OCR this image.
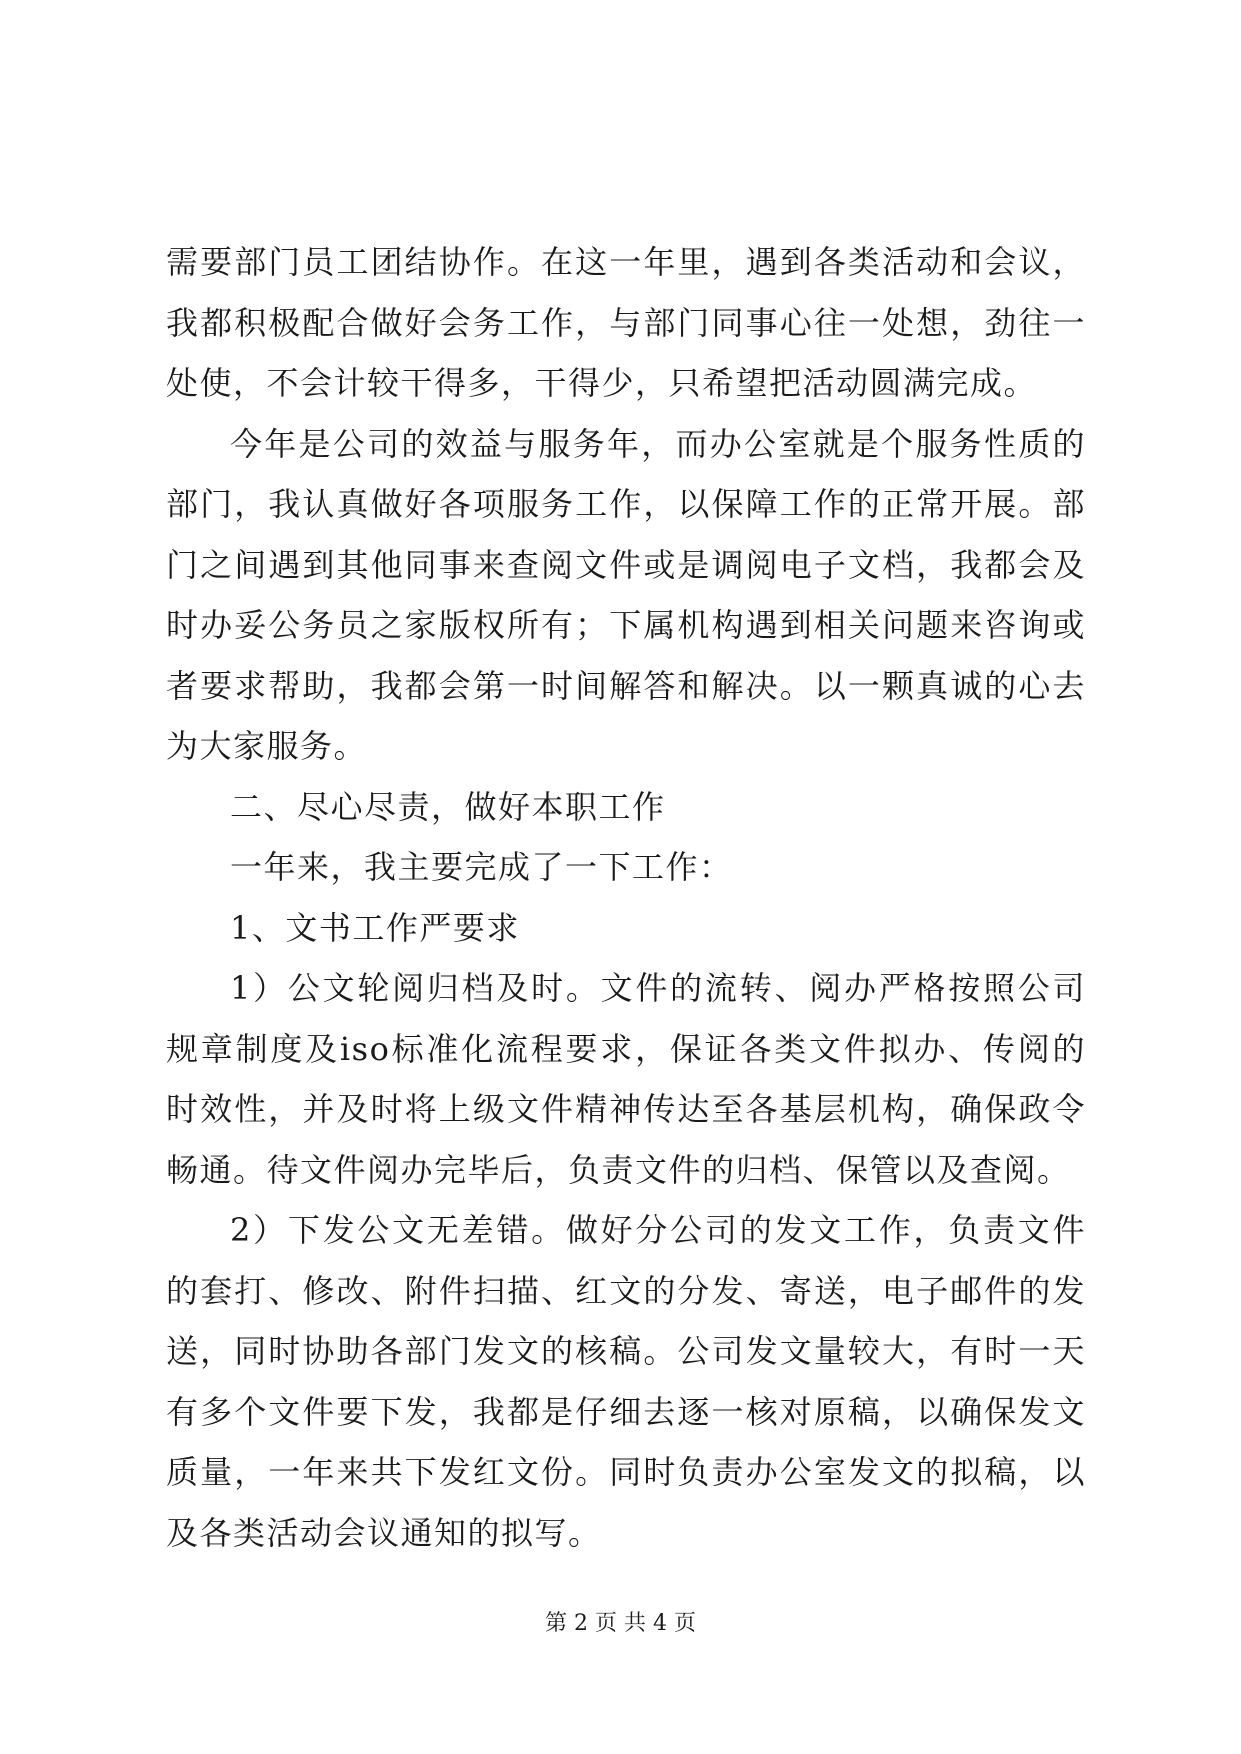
需要部门员工团结协作。在这一年里，遇到各类活动和会议，我都积极配合做好会务工作，与部门同事心往一处想，劲往一处使，不会计较干得多，干得少，只希望把活动圆满完成。

今年是公司的效益与服务年，而办公室就是个服务性质的部门，我认真做好各项服务工作，以保障工作的正常开展。部门之间遇到其他同事来查阅文件或是调阅电子文档，我都会及时办妥公务员之家版权所有；下属机构遇到相关问题来咨询或者要求帮助，我都会第一时间解答和解决。以一颗真诚的心去为大家服务。

二、尽心尽责，做好本职工作

一年来，我主要完成了一下工作：

1、文书工作严要求

1）公文轮阅归档及时。文件的流转、阅办严格按照公司规章制度及iso标准化流程要求，保证各类文件拟办、传阅的时效性，并及时将上级文件精神传达至各基层机构，确保政令畅通。待文件阅办完毕后，负责文件的归档、保管以及查阅。

2）下发公文无差错。做好分公司的发文工作，负责文件的套打、修改、附件扫描、红文的分发、寄送，电子邮件的发送，同时协助各部门发文的核稿。公司发文量较大，有时一天有多个文件要下发，我都是仔细去逐一核对原稿，以确保发文质量，一年来共下发红文份。同时负责办公室发文的拟稿，以及各类活动会议通知的拟写。

第 2 页 共 4 页
